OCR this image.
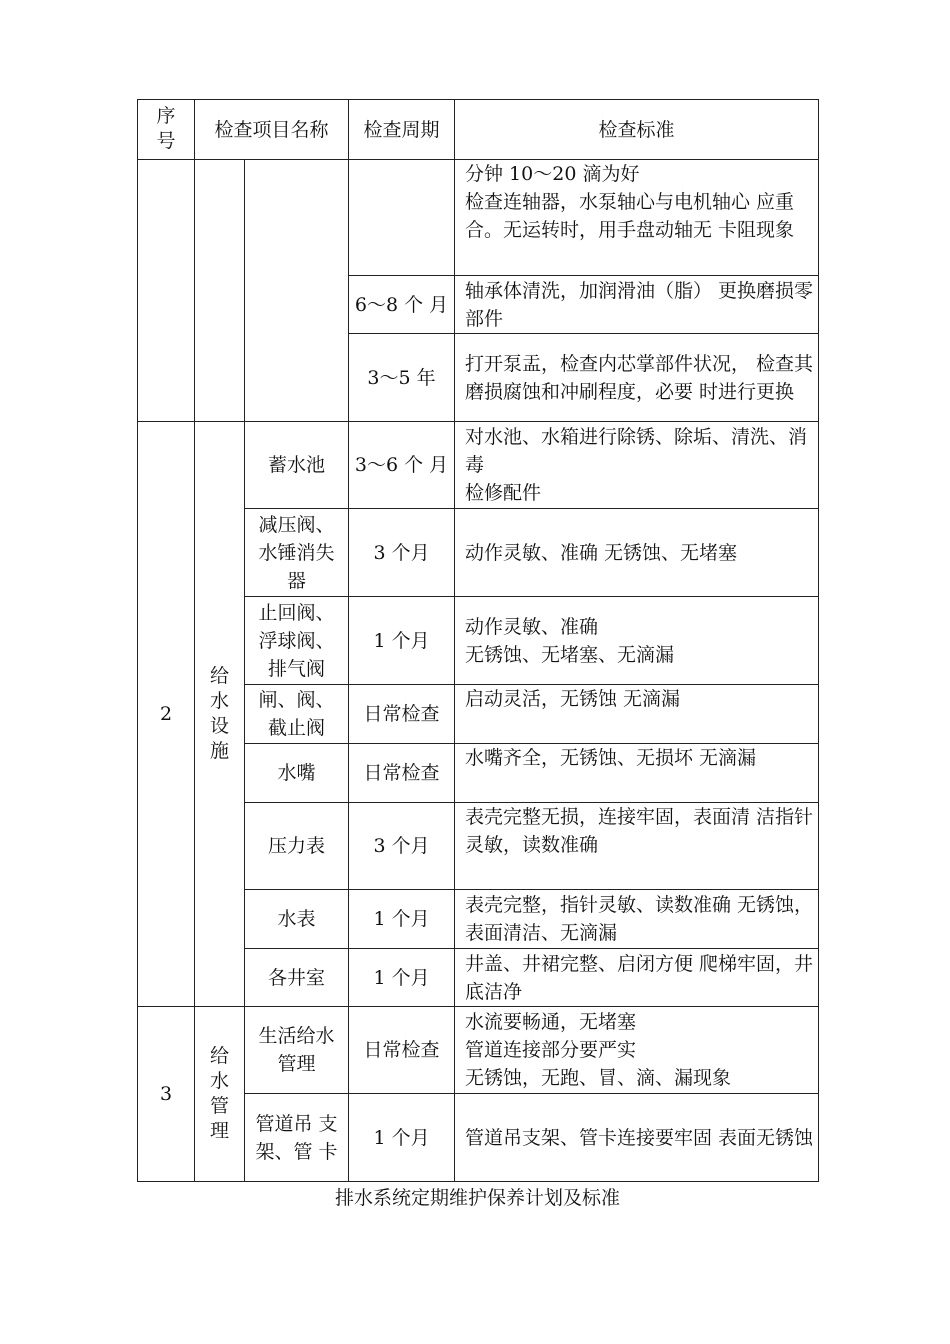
序号	检查项目名称		检查周期	检查标准

				分钟 10〜20 滴为好
检查连轴器，水泵轴心与电机轴心 应重合。无运转时，用手盘动轴无 卡阻现象

			6〜8 个 月	轴承体清洗，加润滑油（脂） 更换磨损零部件

			3〜5 年	打开泵盂，检查内芯掌部件状况， 检查其磨损腐蚀和冲刷程度，必要 时进行更换

2	给水设施	蓄水池	3〜6 个 月	对水池、水箱进行除锈、除垢、清洗、消毒
检修配件

		减压阀、水锤消失器	3 个月	动作灵敏、准确 无锈蚀、无堵塞

		止回阀、浮球阀、排气阀	1 个月	动作灵敏、准确
无锈蚀、无堵塞、无滴漏

		闸、阀、截止阀	日常检查	启动灵活，无锈蚀 无滴漏

		水嘴	日常检查	水嘴齐全，无锈蚀、无损坏 无滴漏

		压力表	3 个月	表壳完整无损，连接牢固，表面清 洁指针灵敏，读数准确

		水表	1 个月	表壳完整，指针灵敏、读数准确 无锈蚀，表面清洁、无滴漏

		各井室	1 个月	井盖、井裙完整、启闭方便 爬梯牢固，井底洁净

3	给水管理	生活给水管理	日常检查	水流要畅通，无堵塞
管道连接部分要严实
无锈蚀，无跑、冒、滴、漏现象

		管道吊 支架、管 卡	1 个月	管道吊支架、管卡连接要牢固 表面无锈蚀
排水系统定期维护保养计划及标准
